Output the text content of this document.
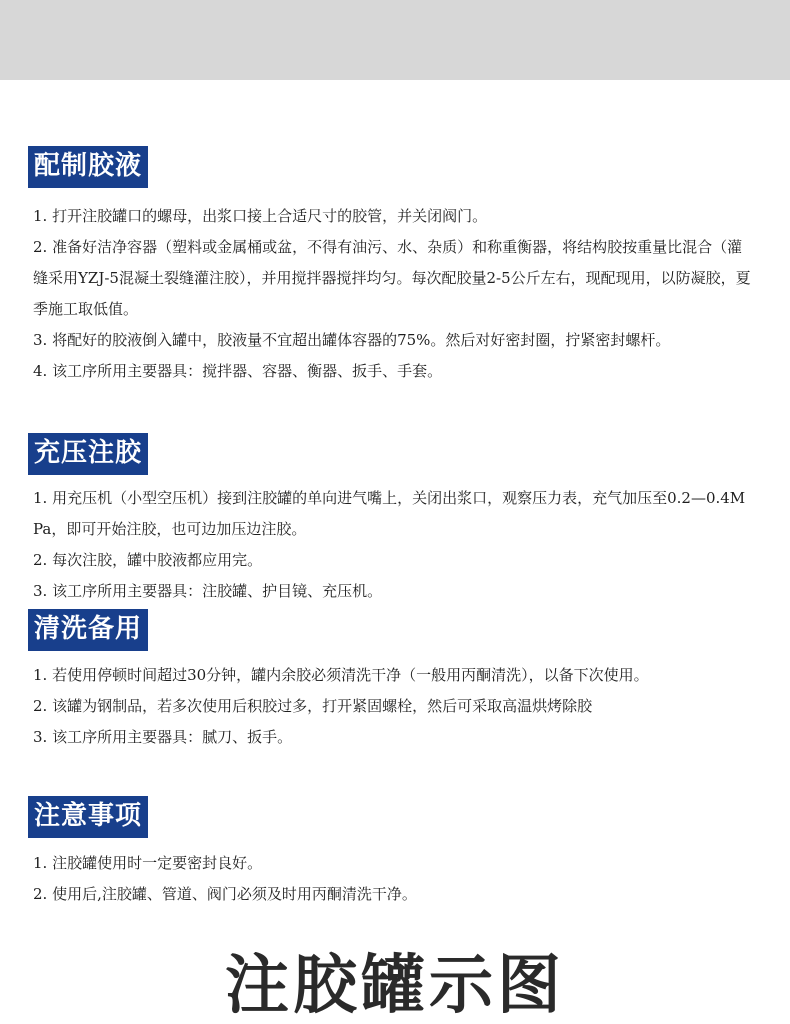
配制胶液

1. 打开注胶罐口的螺母，出浆口接上合适尺寸的胶管，并关闭阀门。

2. 准备好洁净容器（塑料或金属桶或盆，不得有油污、水、杂质）和称重衡器，将结构胶按重量比混合（灌缝采用YZJ-5混凝土裂缝灌注胶），并用搅拌器搅拌均匀。每次配胶量2-5公斤左右，现配现用，以防凝胶，夏季施工取低值。

3. 将配好的胶液倒入罐中，胶液量不宜超出罐体容器的75%。然后对好密封圈，拧紧密封螺杆。

4. 该工序所用主要器具：搅拌器、容器、衡器、扳手、手套。

充压注胶

1. 用充压机（小型空压机）接到注胶罐的单向进气嘴上，关闭出浆口，观察压力表，充气加压至0.2—0.4MPa，即可开始注胶，也可边加压边注胶。

2. 每次注胶，罐中胶液都应用完。

3. 该工序所用主要器具：注胶罐、护目镜、充压机。

清洗备用

1. 若使用停顿时间超过30分钟，罐内余胶必须清洗干净（一般用丙酮清洗），以备下次使用。

2. 该罐为钢制品，若多次使用后积胶过多，打开紧固螺栓，然后可采取高温烘烤除胶

3. 该工序所用主要器具：腻刀、扳手。

注意事项

1. 注胶罐使用时一定要密封良好。

2. 使用后,注胶罐、管道、阀门必须及时用丙酮清洗干净。

注胶罐示图
